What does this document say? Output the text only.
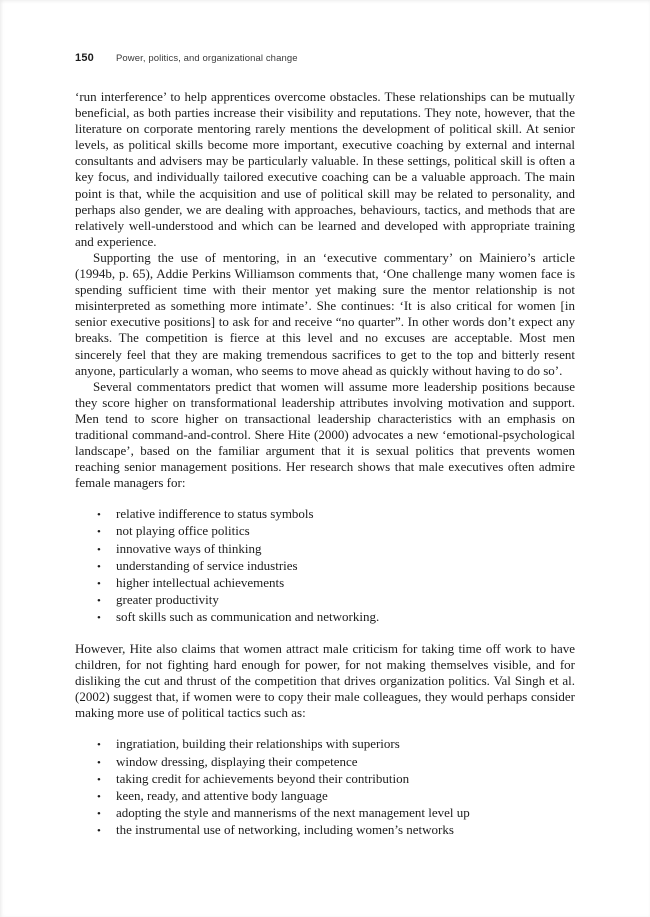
150 Power, politics, and organizational change

‘run interference’ to help apprentices overcome obstacles. These relationships can be mutually beneficial, as both parties increase their visibility and reputations. They note, however, that the literature on corporate mentoring rarely mentions the development of political skill. At senior levels, as political skills become more important, executive coaching by external and internal consultants and advisers may be particularly valuable. In these settings, political skill is often a key focus, and individually tailored executive coaching can be a valuable approach. The main point is that, while the acquisition and use of political skill may be related to personality, and perhaps also gender, we are dealing with approaches, behaviours, tactics, and methods that are relatively well-understood and which can be learned and developed with appropriate training and experience.

Supporting the use of mentoring, in an ‘executive commentary’ on Mainiero’s article (1994b, p. 65), Addie Perkins Williamson comments that, ‘One challenge many women face is spending sufficient time with their mentor yet making sure the mentor relationship is not misinterpreted as something more intimate’. She continues: ‘It is also critical for women [in senior executive positions] to ask for and receive “no quarter”. In other words don’t expect any breaks. The competition is fierce at this level and no excuses are acceptable. Most men sincerely feel that they are making tremendous sacrifices to get to the top and bitterly resent anyone, particularly a woman, who seems to move ahead as quickly without having to do so’.

Several commentators predict that women will assume more leadership positions because they score higher on transformational leadership attributes involving motivation and support. Men tend to score higher on transactional leadership characteristics with an emphasis on traditional command-and-control. Shere Hite (2000) advocates a new ‘emotional-psychological landscape’, based on the familiar argument that it is sexual politics that prevents women reaching senior management positions. Her research shows that male executives often admire female managers for:

•	relative indifference to status symbols
•	not playing office politics
•	innovative ways of thinking
•	understanding of service industries
•	higher intellectual achievements
•	greater productivity
•	soft skills such as communication and networking.

However, Hite also claims that women attract male criticism for taking time off work to have children, for not fighting hard enough for power, for not making themselves visible, and for disliking the cut and thrust of the competition that drives organization politics. Val Singh et al. (2002) suggest that, if women were to copy their male colleagues, they would perhaps consider making more use of political tactics such as:

•	ingratiation, building their relationships with superiors
•	window dressing, displaying their competence
•	taking credit for achievements beyond their contribution
•	keen, ready, and attentive body language
•	adopting the style and mannerisms of the next management level up
•	the instrumental use of networking, including women’s networks
